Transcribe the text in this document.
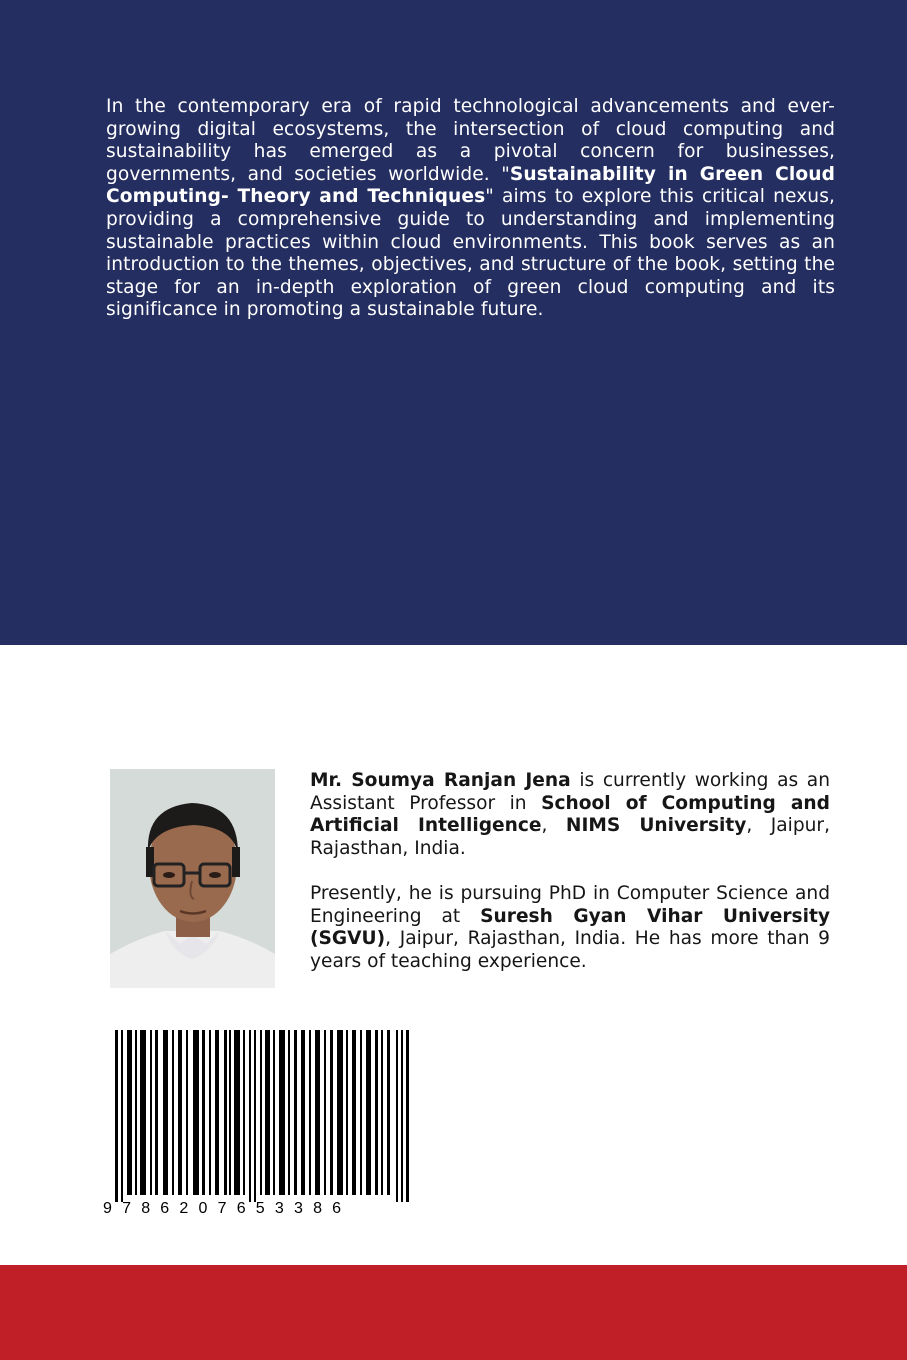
In the contemporary era of rapid technological advancements and ever-growing digital ecosystems, the intersection of cloud computing and sustainability has emerged as a pivotal concern for businesses, governments, and societies worldwide. "Sustainability in Green Cloud Computing- Theory and Techniques" aims to explore this critical nexus, providing a comprehensive guide to understanding and implementing sustainable practices within cloud environments. This book serves as an introduction to the themes, objectives, and structure of the book, setting the stage for an in-depth exploration of green cloud computing and its significance in promoting a sustainable future.

Mr. Soumya Ranjan Jena is currently working as an Assistant Professor in School of Computing and Artificial Intelligence, NIMS University, Jaipur, Rajasthan, India.

Presently, he is pursuing PhD in Computer Science and Engineering at Suresh Gyan Vihar University (SGVU), Jaipur, Rajasthan, India. He has more than 9 years of teaching experience.

9786207653386
